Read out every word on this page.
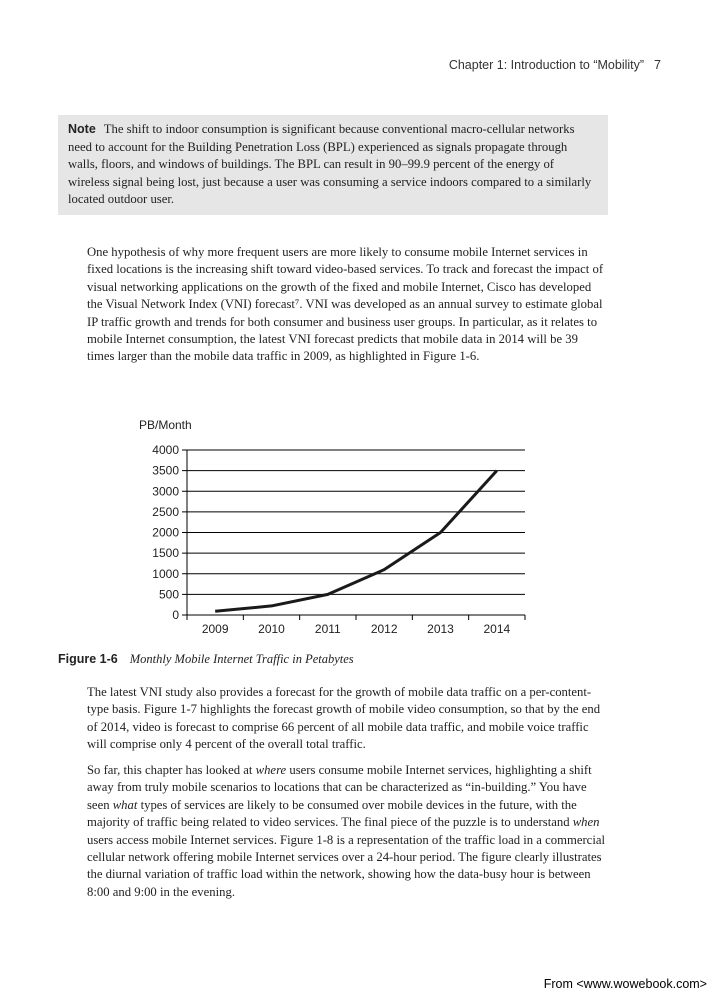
Chapter 1: Introduction to “Mobility” 7
Note The shift to indoor consumption is significant because conventional macro-cellular networks need to account for the Building Penetration Loss (BPL) experienced as signals propagate through walls, floors, and windows of buildings. The BPL can result in 90–99.9 percent of the energy of wireless signal being lost, just because a user was consuming a service indoors compared to a similarly located outdoor user.

One hypothesis of why more frequent users are more likely to consume mobile Internet services in fixed locations is the increasing shift toward video-based services. To track and forecast the impact of visual networking applications on the growth of the fixed and mobile Internet, Cisco has developed the Visual Network Index (VNI) forecast⁷. VNI was developed as an annual survey to estimate global IP traffic growth and trends for both consumer and business user groups. In particular, as it relates to mobile Internet consumption, the latest VNI forecast predicts that mobile data in 2014 will be 39 times larger than the mobile data traffic in 2009, as highlighted in Figure 1-6.

PB/Month
0
500
1000
1500
2000
2500
3000
3500
4000
2009 2010	2011	2012 2013 2014
Figure 1-6 Monthly Mobile Internet Traffic in Petabytes

The latest VNI study also provides a forecast for the growth of mobile data traffic on a per-content-type basis. Figure 1-7 highlights the forecast growth of mobile video consumption, so that by the end of 2014, video is forecast to comprise 66 percent of all mobile data traffic, and mobile voice traffic will comprise only 4 percent of the overall total traffic.

So far, this chapter has looked at where users consume mobile Internet services, highlighting a shift away from truly mobile scenarios to locations that can be characterized as “in-building.” You have seen what types of services are likely to be consumed over mobile devices in the future, with the majority of traffic being related to video services. The final piece of the puzzle is to understand when users access mobile Internet services. Figure 1-8 is a representation of the traffic load in a commercial cellular network offering mobile Internet services over a 24-hour period. The figure clearly illustrates the diurnal variation of traffic load within the network, showing how the data-busy hour is between 8:00 and 9:00 in the evening.

From <www.wowebook.com>
